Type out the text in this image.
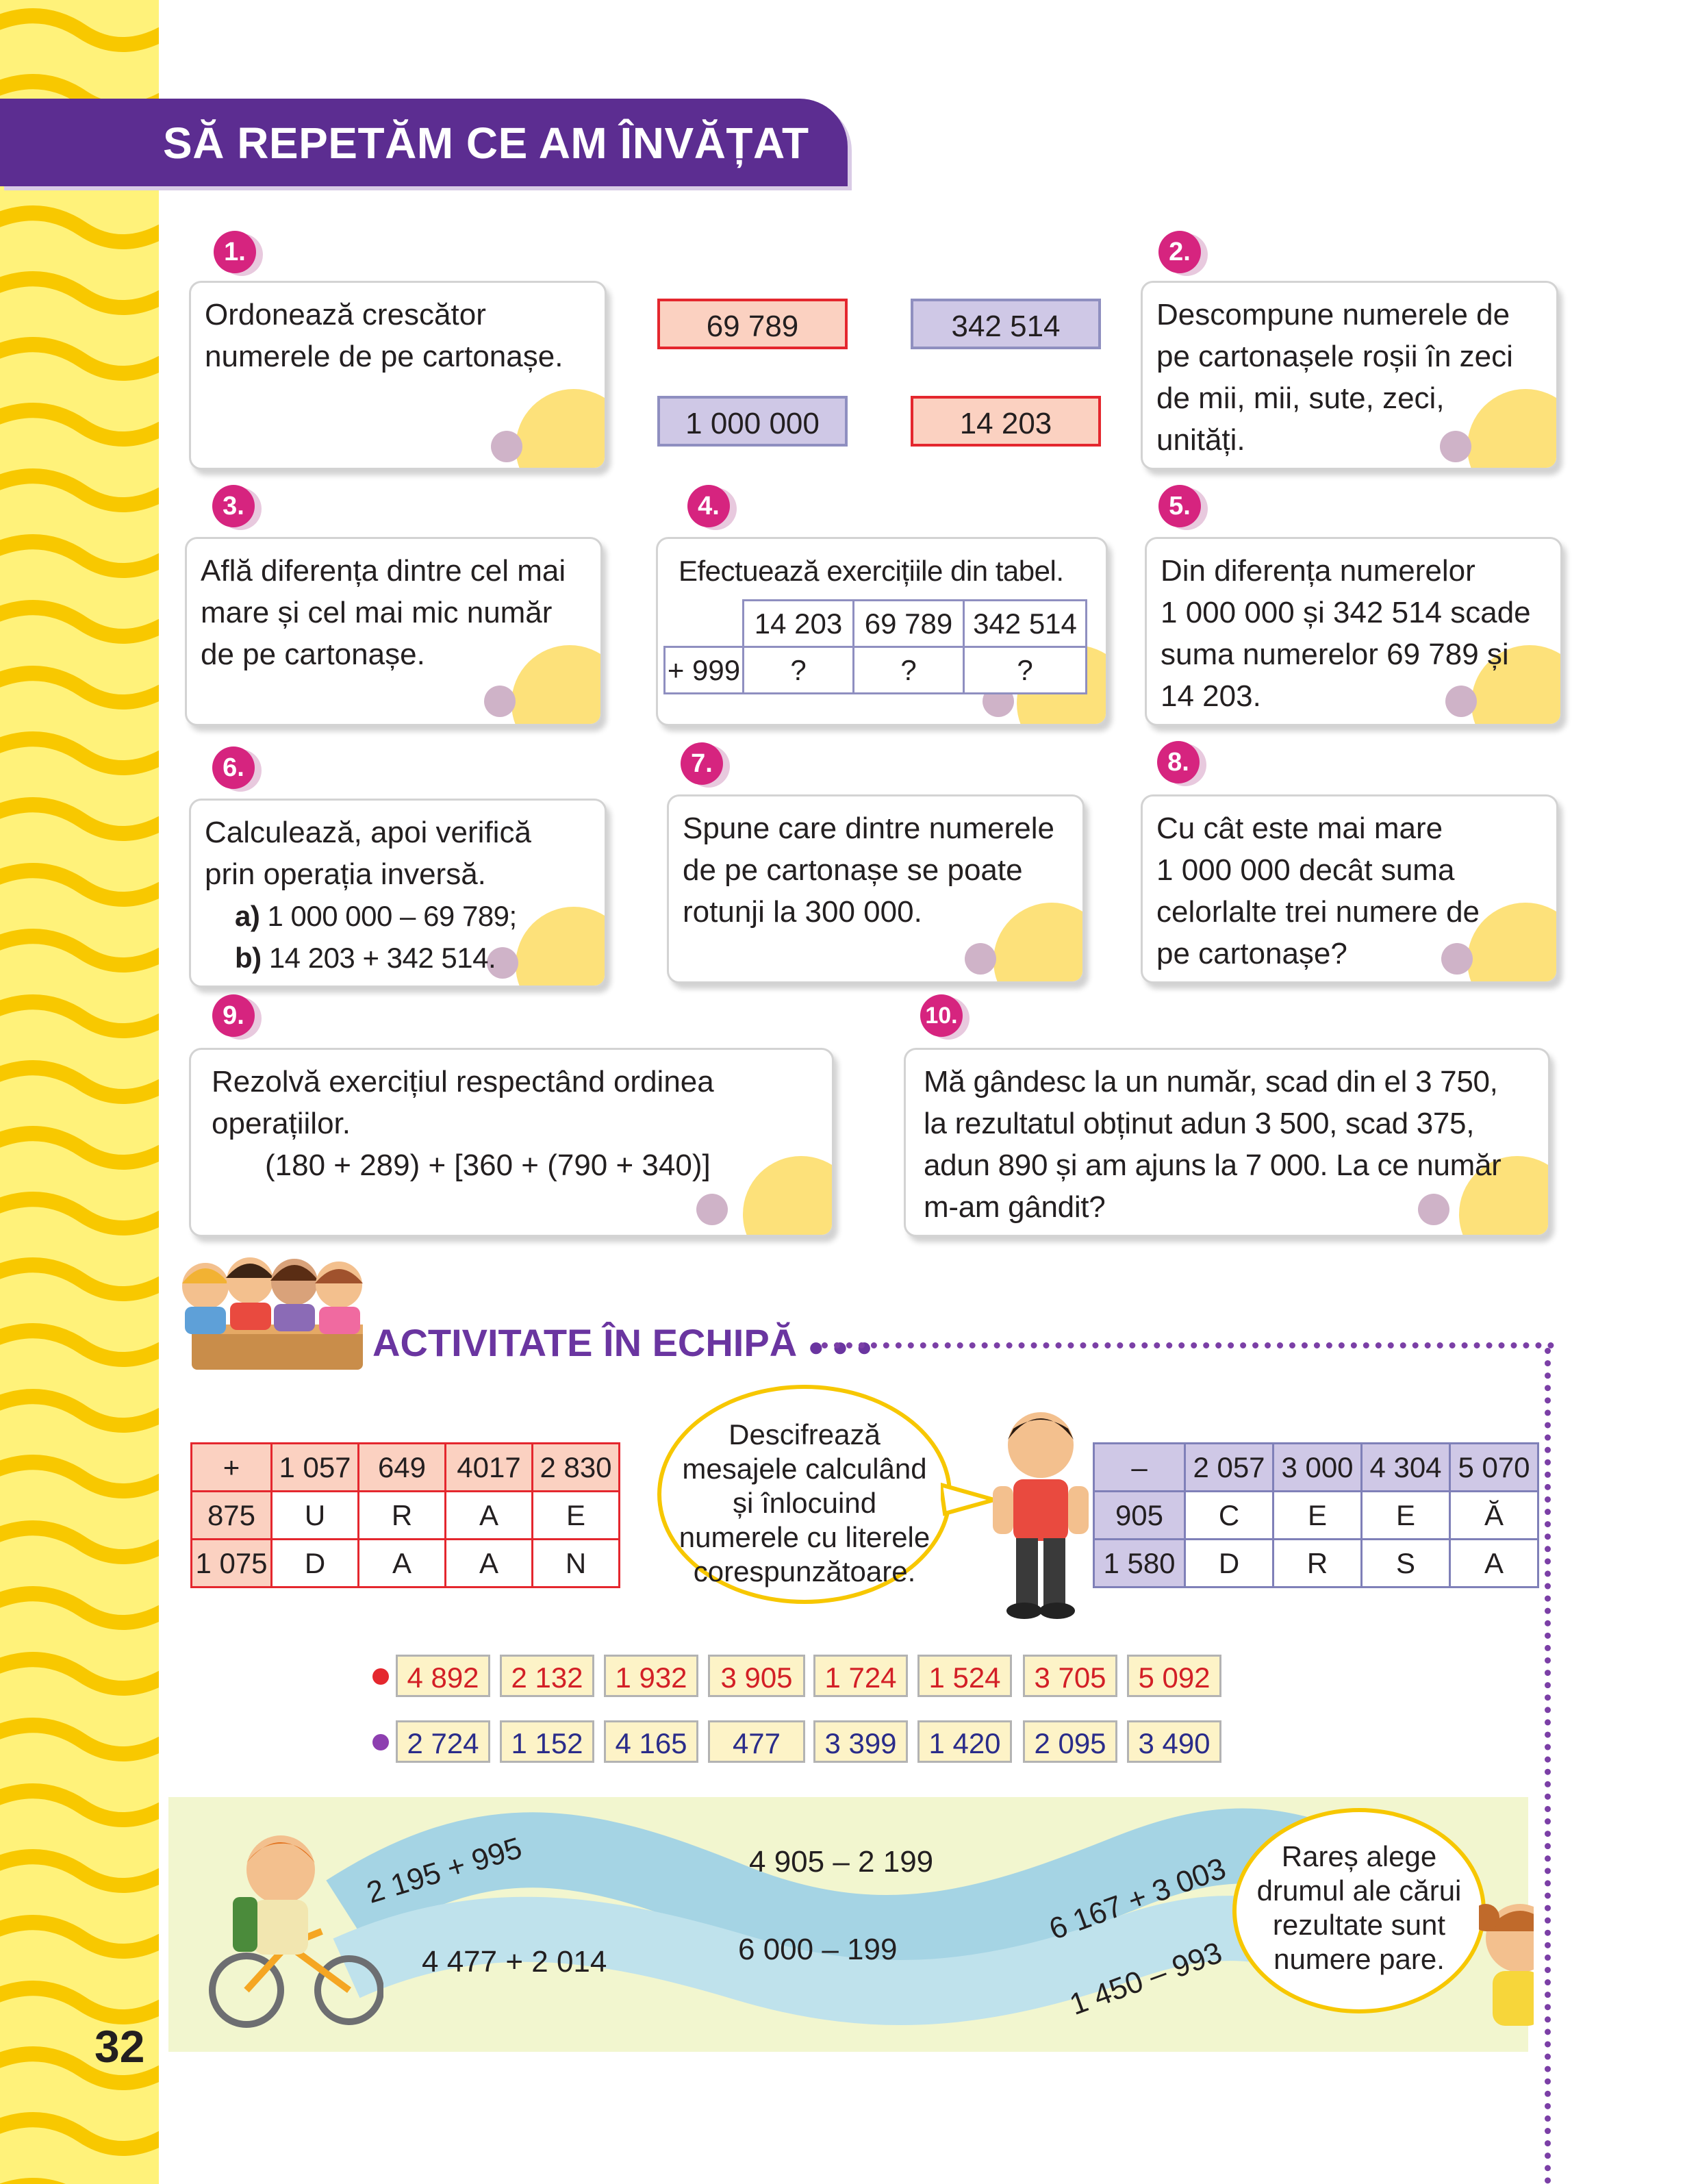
SĂ REPETĂM CE AM ÎNVĂȚAT
69 789	342 514
1 000 000	14 203
1.
Ordonează crescător
numerele de pe cartonașe.
2.
Descompune numerele de
pe cartonașele roșii în zeci
de mii, mii, sute, zeci,
unități.
3.
Află diferența dintre cel mai
mare și cel mai mic număr
de pe cartonașe.
4.
Efectuează exercițiile din tabel.
	14 203	69 789	342 514
+ 999	?	?	?
5.
Din diferența numerelor
1 000 000 și 342 514 scade
suma numerelor 69 789 și
14 203.
6.
Calculează, apoi verifică
prin operația inversă.
a) 1 000 000 – 69 789;
b) 14 203 + 342 514.
7.
Spune care dintre numerele
de pe cartonașe se poate
rotunji la 300 000.
8.
Cu cât este mai mare
1 000 000 decât suma
celorlalte trei numere de
pe cartonașe?
9.
Rezolvă exercițiul respectând ordinea
operațiilor.
(180 + 289) + [360 + (790 + 340)]
10.
Mă gândesc la un număr, scad din el 3 750,
la rezultatul obținut adun 3 500, scad 375,
adun 890 și am ajuns la 7 000. La ce număr
m-am gândit?
ACTIVITATE ÎN ECHIPĂ ● ● ●
+	1 057	649	4017	2 830
875	U	R	A	E
1 075	D	A	A	N
Descifrează
mesajele calculând
și înlocuind
numerele cu literele
corespunzătoare.
–	2 057	3 000	4 304	5 070
905	C	E	E	Ă
1 580	D	R	S	A
4 892	2 132	1 932	3 905	1 724	1 524	3 705	5 092
2 724	1 152	4 165	477	3 399	1 420	2 095	3 490
2 195 + 995
4 477 + 2 014
4 905 – 2 199
6 000 – 199
6 167 + 3 003
1 450 – 993
Rareș alege
drumul ale cărui
rezultate sunt
numere pare.
32
